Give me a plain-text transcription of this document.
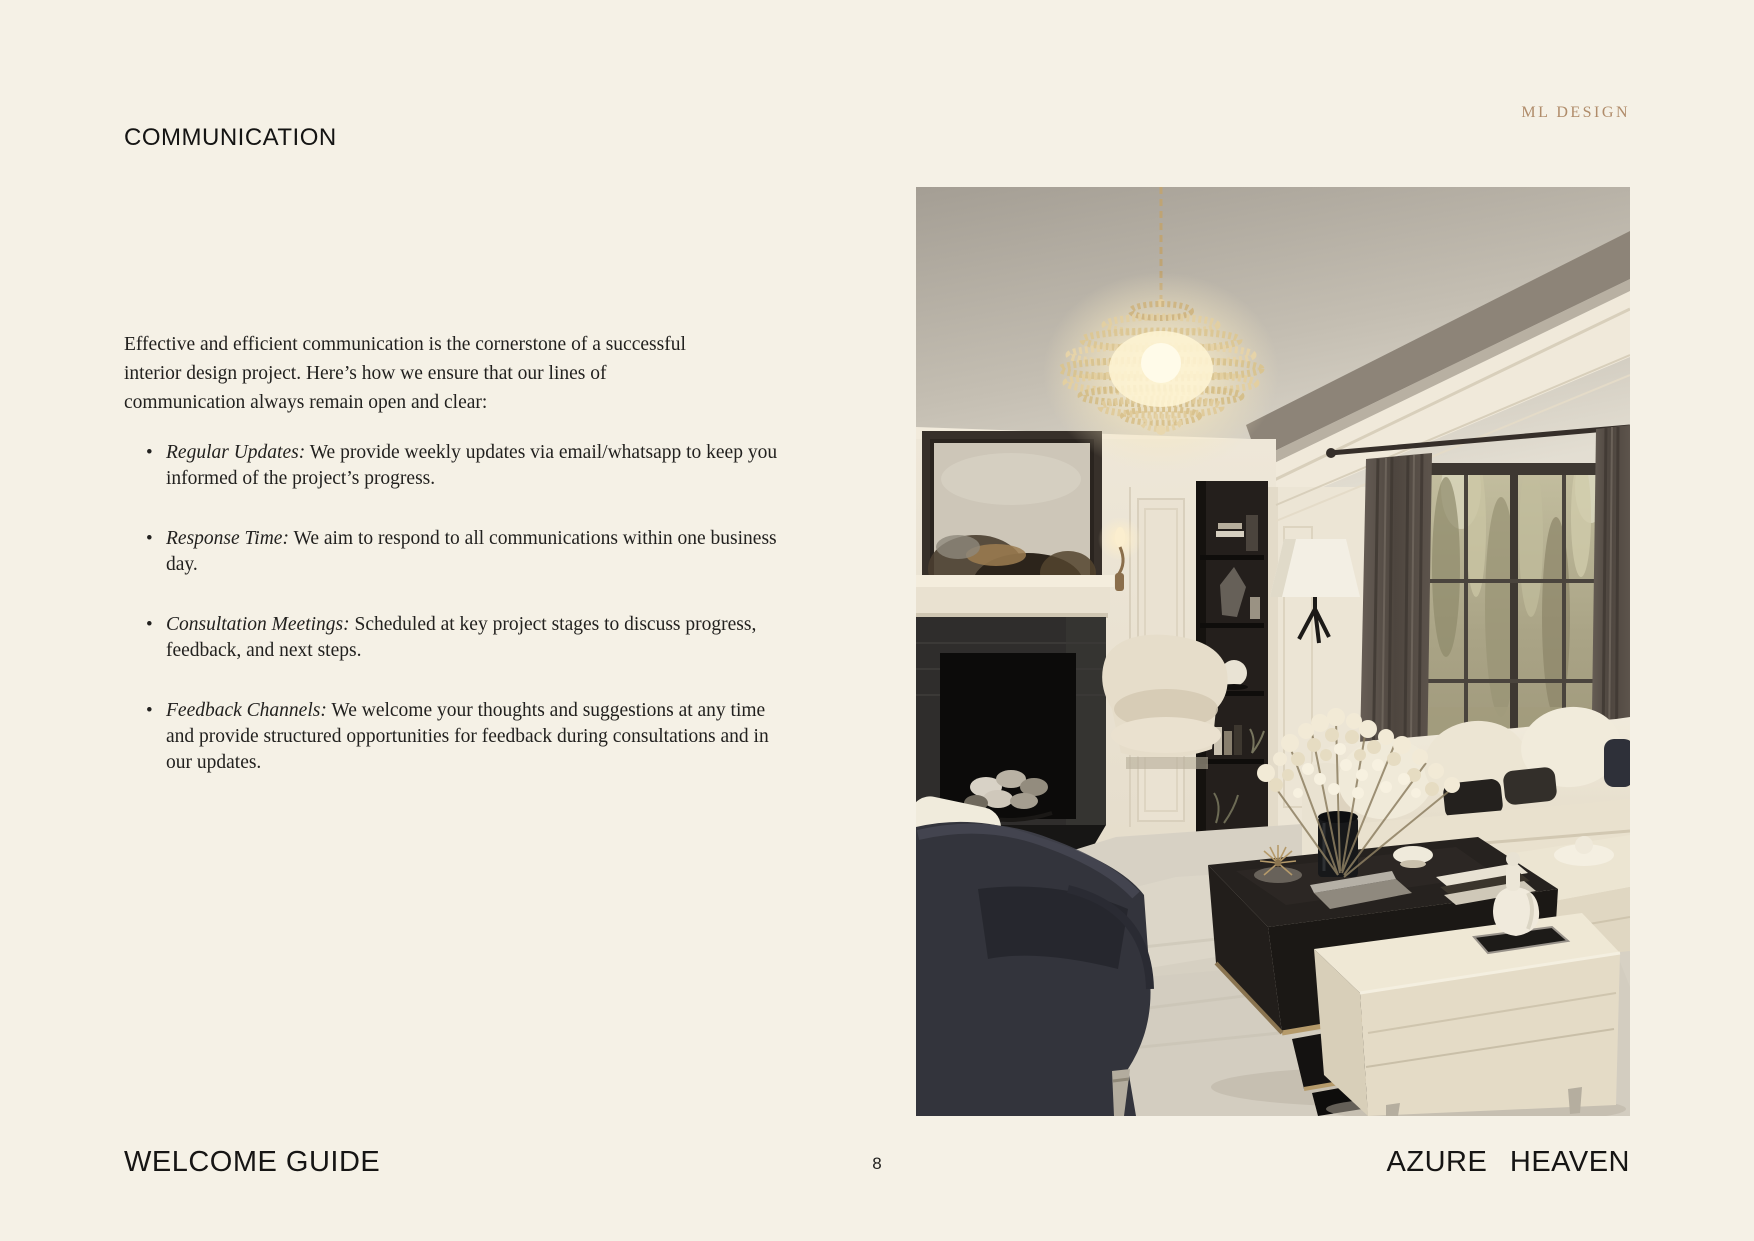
COMMUNICATION
ML DESIGN
Effective and efficient communication is the cornerstone of a successful interior design project. Here’s how we ensure that our lines of communication always remain open and clear:
• Regular Updates: We provide weekly updates via email/whatsapp to keep you informed of the project’s progress.
• Response Time: We aim to respond to all communications within one business day.
• Consultation Meetings: Scheduled at key project stages to discuss progress, feedback, and next steps.
• Feedback Channels: We welcome your thoughts and suggestions at any time and provide structured opportunities for feedback during consultations and in our updates.
WELCOME GUIDE	8	AZURE HEAVEN
